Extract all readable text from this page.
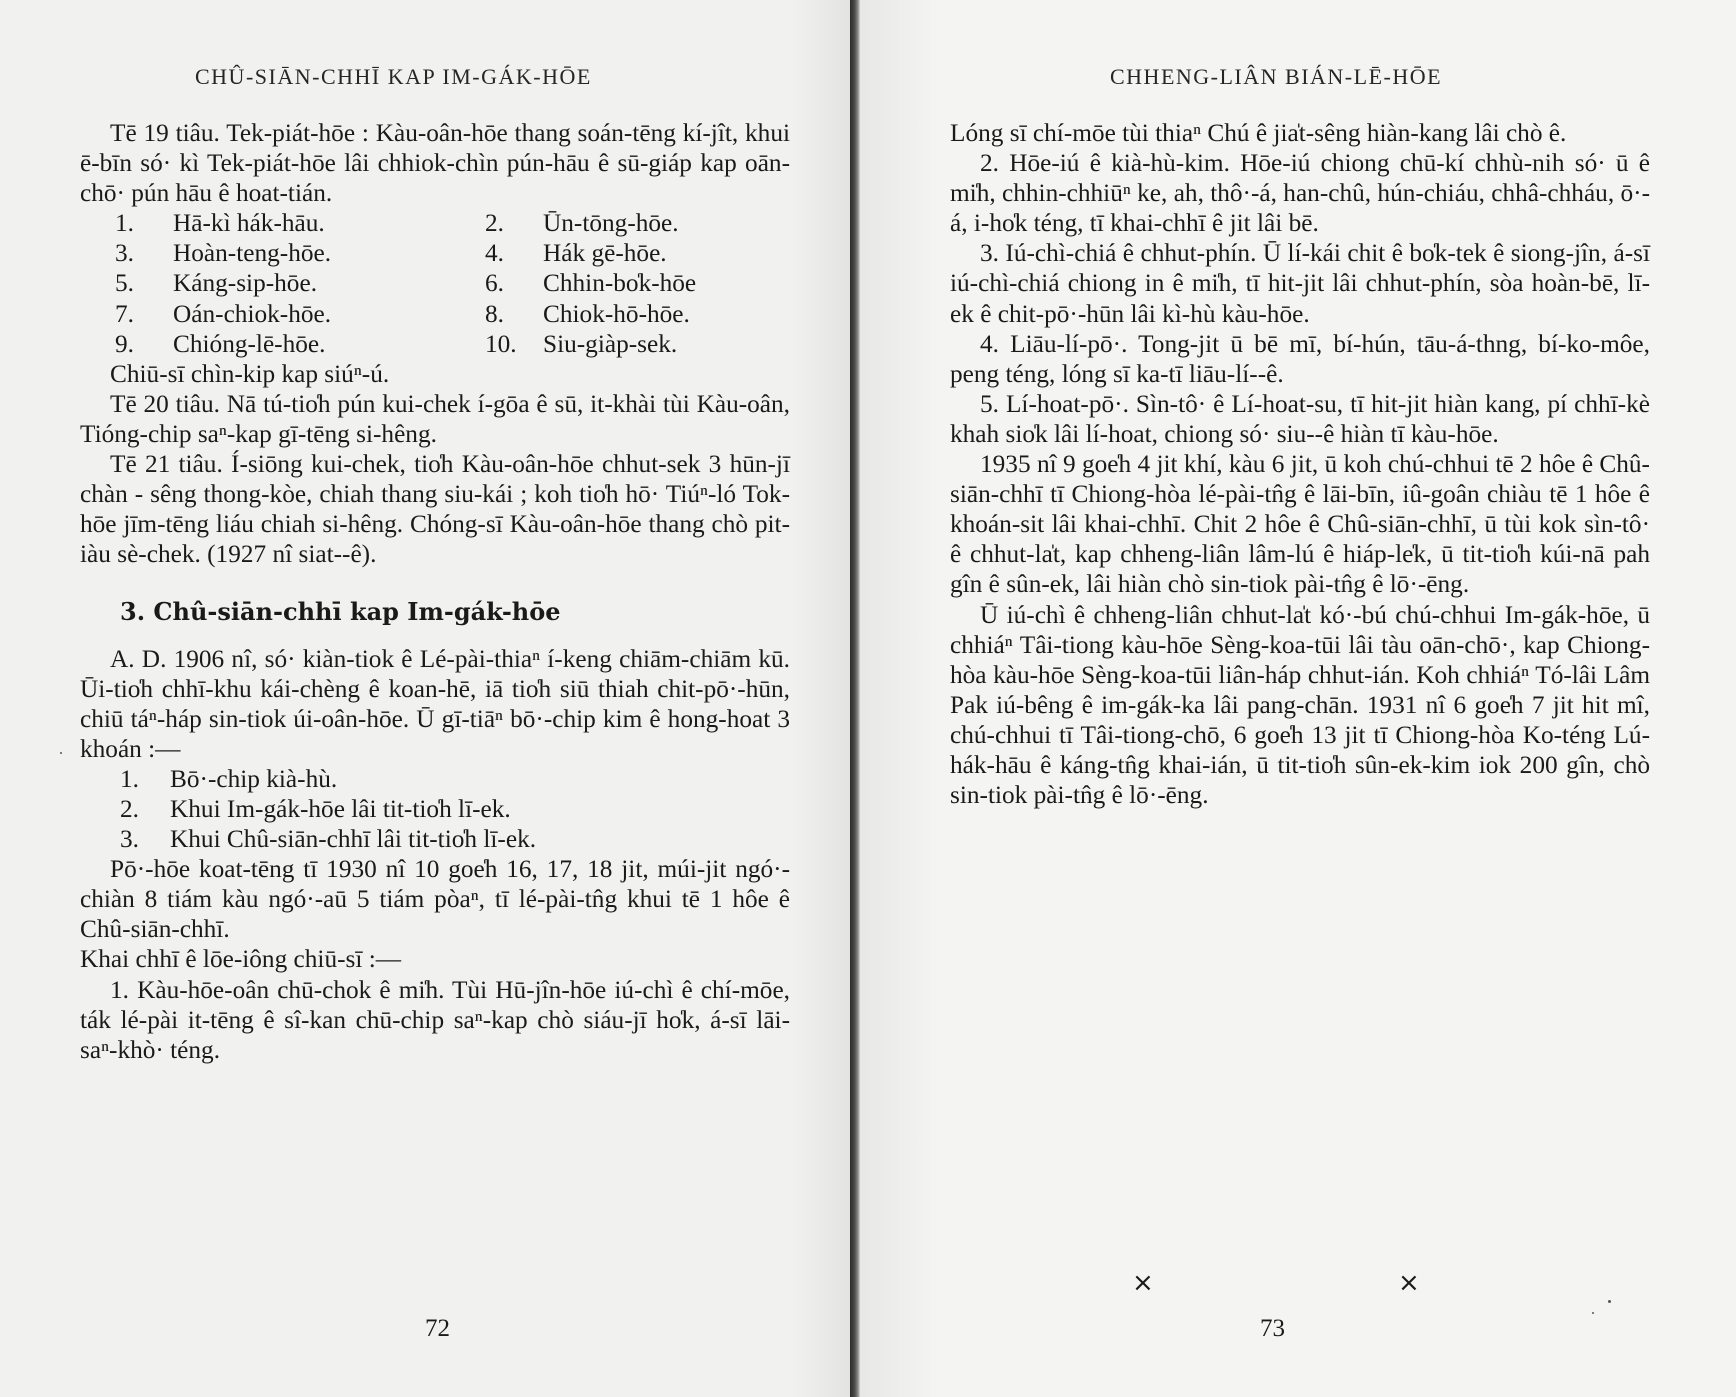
CHÛ-SIĀN-CHHĪ KAP IM-GÁK-HŌE

Tē 19 tiâu. Tek-piát-hōe : Kàu-oân-hōe thang soán-tēng kí-jît, khui ē-bīn só· kì Tek-piát-hōe lâi chhiok-chìn pún-hāu ê sū-giáp kap oān-chō· pún hāu ê hoat-tián.

1. Hā-kì hák-hāu.	2. Ūn-tōng-hōe.
3. Hoàn-teng-hōe.	4. Hák gē-hōe.
5. Káng-sip-hōe.	6. Chhin-bo̍k-hōe
7. Oán-chiok-hōe.	8. Chiok-hō-hōe.
9. Chióng-lē-hōe.	10. Siu-giàp-sek.

Chiū-sī chìn-kip kap siúⁿ-ú.

Tē 20 tiâu. Nā tú-tio̍h pún kui-chek í-gōa ê sū, it-khài tùi Kàu-oân, Tióng-chip saⁿ-kap gī-tēng si-hêng.

Tē 21 tiâu. Í-siōng kui-chek, tio̍h Kàu-oân-hōe chhut-sek 3 hūn-jī chàn - sêng thong-kòe, chiah thang siu-kái ; koh tio̍h hō· Tiúⁿ-ló Tok-hōe jīm-tēng liáu chiah si-hêng. Chóng-sī Kàu-oân-hōe thang chò pit-iàu sè-chek. (1927 nî siat--ê).

3. Chû-siān-chhī kap Im-gák-hōe

A. D. 1906 nî, só· kiàn-tiok ê Lé-pài-thiaⁿ í-keng chiām-chiām kū. Ūi-tio̍h chhī-khu kái-chèng ê koan-hē, iā tio̍h siū thiah chit-pō·-hūn, chiū táⁿ-háp sin-tiok úi-oân-hōe. Ū gī-tiāⁿ bō·-chip kim ê hong-hoat 3 khoán :—

1. Bō·-chip kià-hù.

2. Khui Im-gák-hōe lâi tit-tio̍h lī-ek.

3. Khui Chû-siān-chhī lâi tit-tio̍h lī-ek.

Pō·-hōe koat-tēng tī 1930 nî 10 goe̍h 16, 17, 18 jit, múi-jit ngó·-chiàn 8 tiám kàu ngó·-aū 5 tiám pòaⁿ, tī lé-pài-tn̂g khui tē 1 hôe ê Chû-siān-chhī.

Khai chhī ê lōe-iông chiū-sī :—

1. Kàu-hōe-oân chū-chok ê mi̍h. Tùi Hū-jîn-hōe iú-chì ê chí-mōe, ták lé-pài it-tēng ê sî-kan chū-chip saⁿ-kap chò siáu-jī ho̍k, á-sī lāi-saⁿ-khò· téng.

72
CHHENG-LIÂN BIÁN-LĒ-HŌE

Lóng sī chí-mōe tùi thiaⁿ Chú ê jia̍t-sêng hiàn-kang lâi chò ê.

2. Hōe-iú ê kià-hù-kim. Hōe-iú chiong chū-kí chhù-nih só· ū ê mi̍h, chhin-chhiūⁿ ke, ah, thô·-á, han-chû, hún-chiáu, chhâ-chháu, ō·-á, i-ho̍k téng, tī khai-chhī ê jit lâi bē.

3. Iú-chì-chiá ê chhut-phín. Ū lí-kái chit ê bo̍k-tek ê siong-jîn, á-sī iú-chì-chiá chiong in ê mi̍h, tī hit-jit lâi chhut-phín, sòa hoàn-bē, lī-ek ê chit-pō·-hūn lâi kì-hù kàu-hōe.

4. Liāu-lí-pō·. Tong-jit ū bē mī, bí-hún, tāu-á-thng, bí-ko-môe, peng téng, lóng sī ka-tī liāu-lí--ê.

5. Lí-hoat-pō·. Sìn-tô· ê Lí-hoat-su, tī hit-jit hiàn kang, pí chhī-kè khah sio̍k lâi lí-hoat, chiong só· siu--ê hiàn tī kàu-hōe.

1935 nî 9 goe̍h 4 jit khí, kàu 6 jit, ū koh chú-chhui tē 2 hôe ê Chû-siān-chhī tī Chiong-hòa lé-pài-tn̂g ê lāi-bīn, iû-goân chiàu tē 1 hôe ê khoán-sit lâi khai-chhī. Chit 2 hôe ê Chû-siān-chhī, ū tùi kok sìn-tô· ê chhut-la̍t, kap chheng-liân lâm-lú ê hiáp-le̍k, ū tit-tio̍h kúi-nā pah gîn ê sûn-ek, lâi hiàn chò sin-tiok pài-tn̂g ê lō·-ēng.

Ū iú-chì ê chheng-liân chhut-la̍t kó·-bú chú-chhui Im-gák-hōe, ū chhiáⁿ Tâi-tiong kàu-hōe Sèng-koa-tūi lâi tàu oān-chō·, kap Chiong-hòa kàu-hōe Sèng-koa-tūi liân-háp chhut-ián. Koh chhiáⁿ Tó-lâi Lâm Pak iú-bêng ê im-gák-ka lâi pang-chān. 1931 nî 6 goe̍h 7 jit hit mî, chú-chhui tī Tâi-tiong-chō, 6 goe̍h 13 jit tī Chiong-hòa Ko-téng Lú-hák-hāu ê káng-tn̂g khai-ián, ū tit-tio̍h sûn-ek-kim iok 200 gîn, chò sin-tiok pài-tn̂g ê lō·-ēng.

×	×
73
